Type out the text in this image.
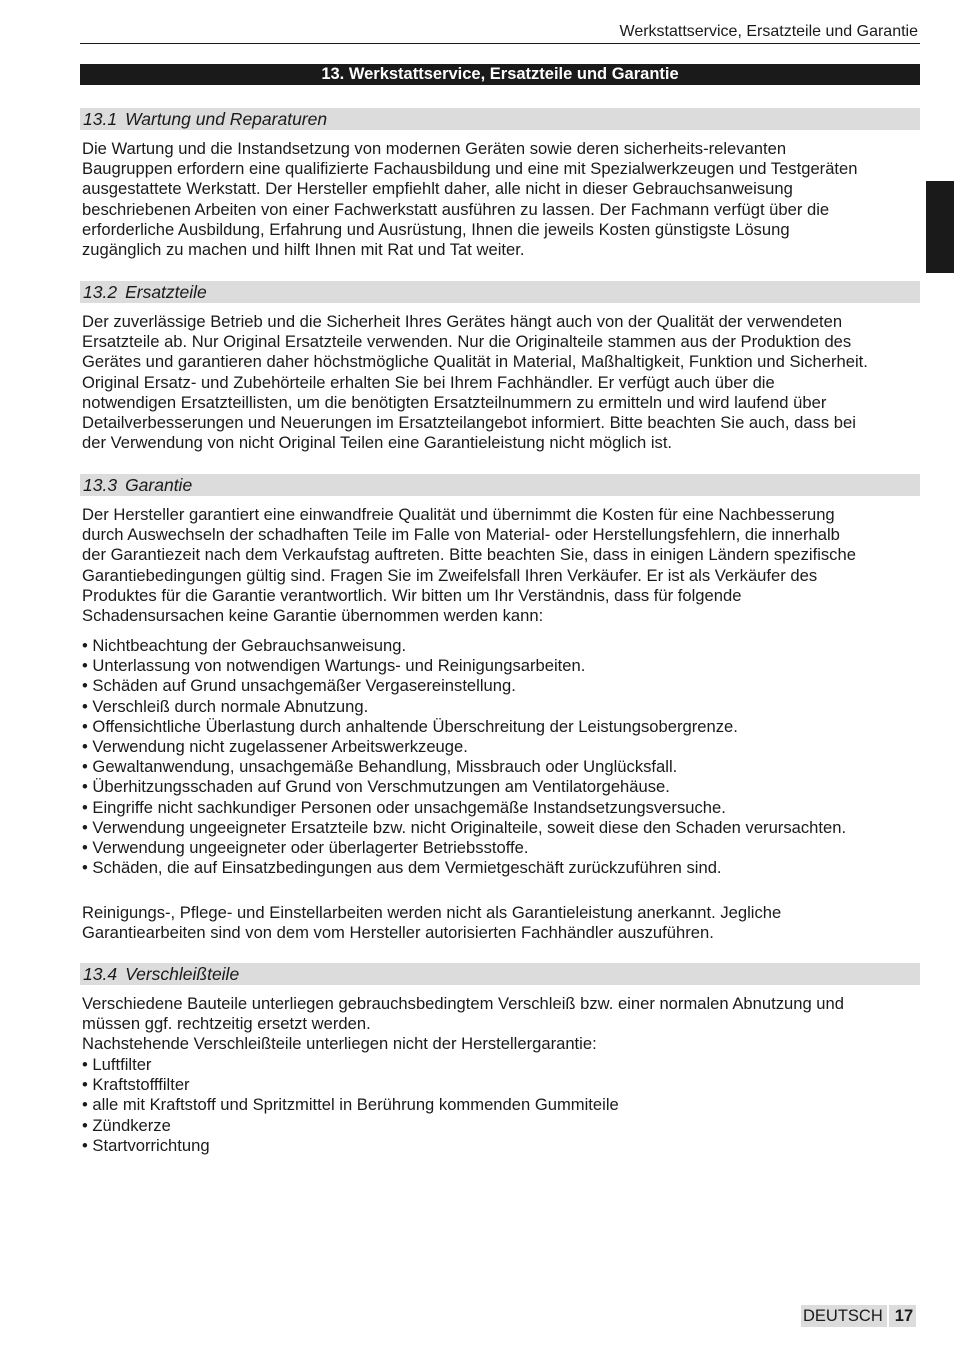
Werkstattservice, Ersatzteile und Garantie
13. Werkstattservice, Ersatzteile und Garantie
13.1 Wartung und Reparaturen

Die Wartung und die Instandsetzung von modernen Geräten sowie deren sicherheits-relevanten
Baugruppen erfordern eine qualifizierte Fachausbildung und eine mit Spezialwerkzeugen und Testgeräten
ausgestattete Werkstatt. Der Hersteller empfiehlt daher, alle nicht in dieser Gebrauchsanweisung
beschriebenen Arbeiten von einer Fachwerkstatt ausführen zu lassen. Der Fachmann verfügt über die
erforderliche Ausbildung, Erfahrung und Ausrüstung, Ihnen die jeweils Kosten günstigste Lösung
zugänglich zu machen und hilft Ihnen mit Rat und Tat weiter.

13.2 Ersatzteile

Der zuverlässige Betrieb und die Sicherheit Ihres Gerätes hängt auch von der Qualität der verwendeten
Ersatzteile ab. Nur Original Ersatzteile verwenden. Nur die Originalteile stammen aus der Produktion des
Gerätes und garantieren daher höchstmögliche Qualität in Material, Maßhaltigkeit, Funktion und Sicherheit.
Original Ersatz- und Zubehörteile erhalten Sie bei Ihrem Fachhändler. Er verfügt auch über die
notwendigen Ersatzteillisten, um die benötigten Ersatzteilnummern zu ermitteln und wird laufend über
Detailverbesserungen und Neuerungen im Ersatzteilangebot informiert. Bitte beachten Sie auch, dass bei
der Verwendung von nicht Original Teilen eine Garantieleistung nicht möglich ist.

13.3 Garantie

Der Hersteller garantiert eine einwandfreie Qualität und übernimmt die Kosten für eine Nachbesserung
durch Auswechseln der schadhaften Teile im Falle von Material- oder Herstellungsfehlern, die innerhalb
der Garantiezeit nach dem Verkaufstag auftreten. Bitte beachten Sie, dass in einigen Ländern spezifische
Garantiebedingungen gültig sind. Fragen Sie im Zweifelsfall Ihren Verkäufer. Er ist als Verkäufer des
Produktes für die Garantie verantwortlich. Wir bitten um Ihr Verständnis, dass für folgende
Schadensursachen keine Garantie übernommen werden kann:

• Nichtbeachtung der Gebrauchsanweisung.
• Unterlassung von notwendigen Wartungs- und Reinigungsarbeiten.
• Schäden auf Grund unsachgemäßer Vergasereinstellung.
• Verschleiß durch normale Abnutzung.
• Offensichtliche Überlastung durch anhaltende Überschreitung der Leistungsobergrenze.
• Verwendung nicht zugelassener Arbeitswerkzeuge.
• Gewaltanwendung, unsachgemäße Behandlung, Missbrauch oder Unglücksfall.
• Überhitzungsschaden auf Grund von Verschmutzungen am Ventilatorgehäuse.
• Eingriffe nicht sachkundiger Personen oder unsachgemäße Instandsetzungsversuche.
• Verwendung ungeeigneter Ersatzteile bzw. nicht Originalteile, soweit diese den Schaden verursachten.
• Verwendung ungeeigneter oder überlagerter Betriebsstoffe.
• Schäden, die auf Einsatzbedingungen aus dem Vermietgeschäft zurückzuführen sind.

Reinigungs-, Pflege- und Einstellarbeiten werden nicht als Garantieleistung anerkannt. Jegliche
Garantiearbeiten sind von dem vom Hersteller autorisierten Fachhändler auszuführen.

13.4 Verschleißteile

Verschiedene Bauteile unterliegen gebrauchsbedingtem Verschleiß bzw. einer normalen Abnutzung und
müssen ggf. rechtzeitig ersetzt werden.
Nachstehende Verschleißteile unterliegen nicht der Herstellergarantie:

• Luftfilter
• Kraftstofffilter
• alle mit Kraftstoff und Spritzmittel in Berührung kommenden Gummiteile
• Zündkerze
• Startvorrichtung
DEUTSCH 17
